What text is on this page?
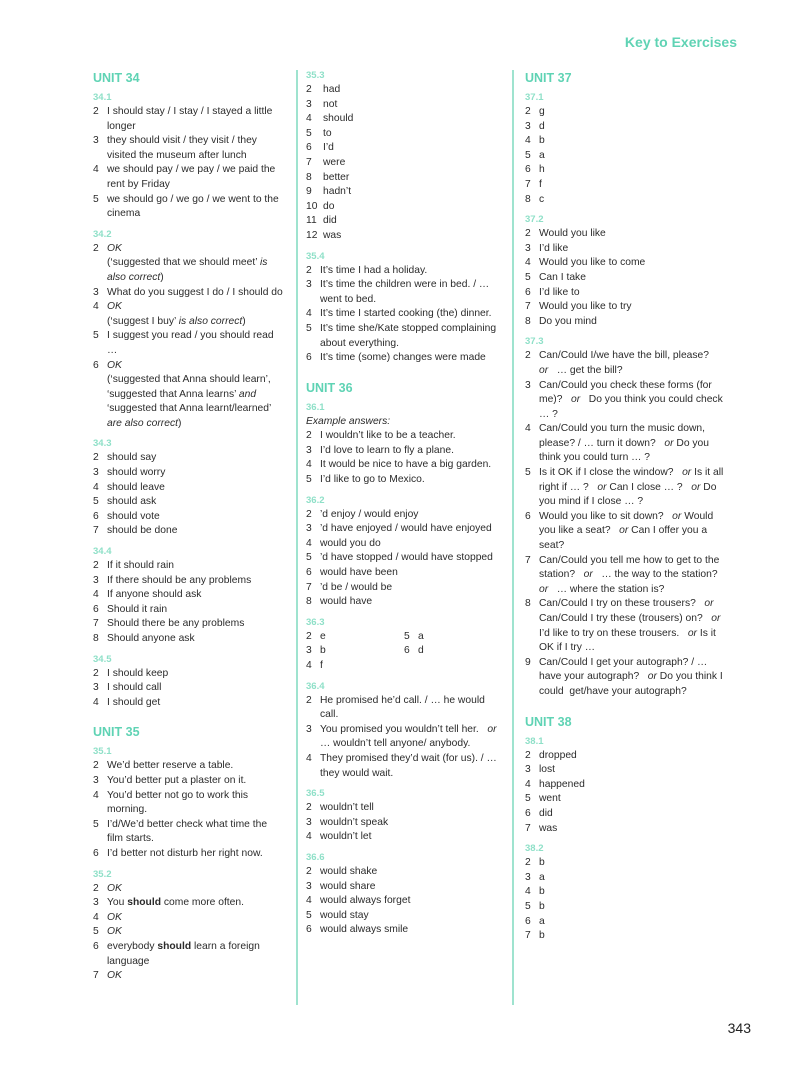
Key to Exercises
UNIT 34
34.1
2 I should stay / I stay / I stayed a little longer
3 they should visit / they visit / they visited the museum after lunch
4 we should pay / we pay / we paid the rent by Friday
5 we should go / we go / we went to the cinema
34.2
2 OK
(‘suggested that we should meet’ is also correct)
3 What do you suggest I do / I should do
4 OK
(‘suggest I buy’ is also correct)
5 I suggest you read / you should read …
6 OK
(‘suggested that Anna should learn’, ‘suggested that Anna learns’ and ‘suggested that Anna learnt/learned’ are also correct)
34.3
2 should say
3 should worry
4 should leave
5 should ask
6 should vote
7 should be done
34.4
2 If it should rain
3 If there should be any problems
4 If anyone should ask
6 Should it rain
7 Should there be any problems
8 Should anyone ask
34.5
2 I should keep
3 I should call
4 I should get
UNIT 35
35.1
2 We’d better reserve a table.
3 You’d better put a plaster on it.
4 You’d better not go to work this morning.
5 I’d/We’d better check what time the film starts.
6 I’d better not disturb her right now.
35.2
2 OK
3 You should come more often.
4 OK
5 OK
6 everybody should learn a foreign language
7 OK
35.3
2	had
3	not
4	should
5	to
6	I’d
7	were
8	better
9	hadn’t
10 do
11 did
12 was
35.4
2 It’s time I had a holiday.
3 It’s time the children were in bed. / … went to bed.
4 It’s time I started cooking (the) dinner.
5 It’s time she/Kate stopped complaining about everything.
6 It’s time (some) changes were made
UNIT 36
36.1
Example answers:
2 I wouldn’t like to be a teacher.
3 I’d love to learn to fly a plane.
4 It would be nice to have a big garden.
5 I’d like to go to Mexico.
36.2
2 ’d enjoy / would enjoy
3 ’d have enjoyed / would have enjoyed
4 would you do
5 ’d have stopped / would have stopped
6 would have been
7 ’d be / would be
8 would have
36.3
2 e
3 b
4 f
5 a
6 d
36.4
2 He promised he’d call. / … he would call.
3 You promised you wouldn’t tell her.   or   … wouldn’t tell anyone/ anybody.
4 They promised they’d wait (for us). / … they would wait.
36.5
2 wouldn’t tell
3 wouldn’t speak
4 wouldn’t let
36.6
2 would shake
3 would share
4 would always forget
5 would stay
6 would always smile
UNIT 37
37.1
2 g
3 d
4 b
5 a
6 h
7 f
8 c
37.2
2 Would you like
3 I’d like
4 Would you like to come
5 Can I take
6 I’d like to
7 Would you like to try
8 Do you mind
37.3
2 Can/Could I/we have the bill, please?   or   … get the bill?
3 Can/Could you check these forms (for me)?   or   Do you think you could check … ?
4 Can/Could you turn the music down, please? / … turn it down?   or Do you think you could turn … ?
5 Is it OK if I close the window?   or Is it all right if … ?   or Can I close … ?   or Do you mind if I close … ?
6 Would you like to sit down?   or Would you like a seat?   or Can I offer you a seat?
7 Can/Could you tell me how to get to the station?   or   … the way to the station?   or   … where the station is?
8 Can/Could I try on these trousers?   or Can/Could I try these (trousers) on?   or I’d like to try on these trousers.   or Is it OK if I try …
9 Can/Could I get your autograph? / … have your autograph?   or Do you think I could  get/have your autograph?
UNIT 38
38.1
2 dropped
3 lost
4 happened
5 went
6 did
7 was
38.2
2 b
3 a
4 b
5 b
6 a
7 b
343
